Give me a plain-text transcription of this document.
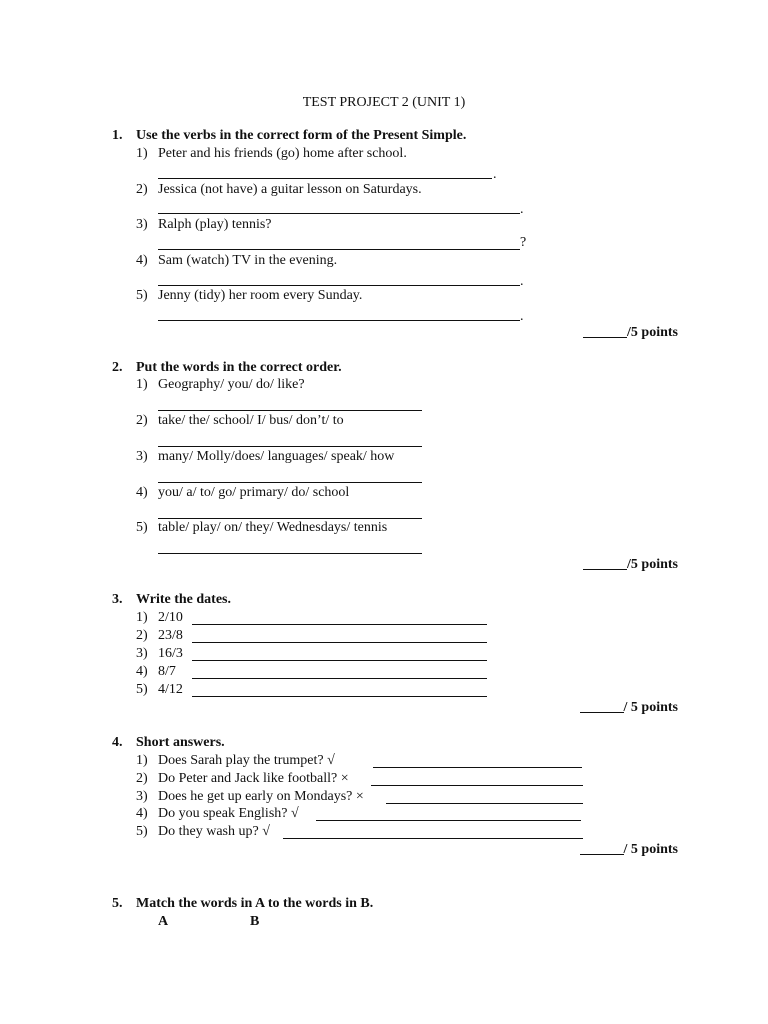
TEST PROJECT 2 (UNIT 1)
1. Use the verbs in the correct form of the Present Simple.
1) Peter and his friends (go) home after school.
.
2) Jessica (not have) a guitar lesson on Saturdays.
.
3) Ralph (play) tennis?
?
4) Sam (watch) TV in the evening.
.
5) Jenny (tidy) her room every Sunday.
.
/5 points
2. Put the words in the correct order.
1) Geography/ you/ do/ like?
2) take/ the/ school/ I/ bus/ don’t/ to
3) many/ Molly/does/ languages/ speak/ how
4) you/ a/ to/ go/ primary/ do/ school
5) table/ play/ on/ they/ Wednesdays/ tennis
/5 points
3. Write the dates.
1) 2/10
2) 23/8
3) 16/3
4) 8/7
5) 4/12
/ 5 points
4. Short answers.
1) Does Sarah play the trumpet? √
2) Do Peter and Jack like football? ×
3) Does he get up early on Mondays? ×
4) Do you speak English? √
5) Do they wash up? √
/ 5 points
5. Match the words in A to the words in B.
A	B
